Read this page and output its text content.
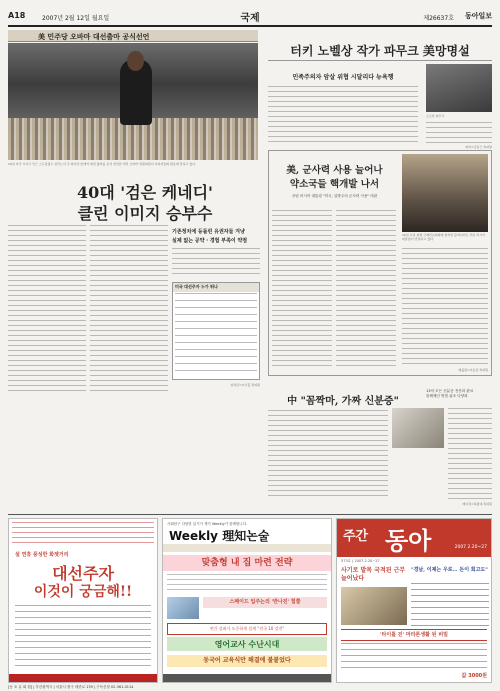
A18	2007년 2월 12일 월요일	국제	제26637호 동아일보
美 민주당 오바마 대선출마 공식선언
10일 미국 시카고 인근 스프링필드 일리노이 주 의사당 앞에서 대선 출마를 공식 선언한 버락 오바마 상원의원이 지지자들의 환호에 답하고 있다.
40대 '검은 케네디'
클린 이미지 승부수
기존정치에 등돌린 유권자들 겨냥
실제 없는 공약 · 경험 부족이 약점
미국 대선주자 누가 뛰나
워싱턴=이기홍 특파원
터키 노벨상 작가 파무크 美망명설
민족주의자 암살 위협 시달리다 뉴욕행
오르한 파무크
파리=금동근 특파원
美, 군사력 사용 늘어나
약소국들 핵개발 나서
푸틴 러시아 대통령 "미국, 일방주의 군사력 사용" 비판
10일 독일 뮌헨 국제안보회의에 참석한 블라디미르 푸틴 러시아 대통령이 연설하고 있다.
베를린=이호갑 특파원
中 "꼼짝마, 가짜 신분증"
13억 모든 신분증 전산화 완료
블랙체인 방법 위조 다양화
베이징=하종대 특파원
설 연휴 풍성한 화젯거리
대선주자
이것이 궁금해!!
사회탐구 다양한 읽기가 책가 Weekly가 함께합니다.
Weekly 理知논술
맞춤형 내 집 마련 전략
스페이드 입주는의 '반나진' 힘쭐
연간 강좌가 도중하게 설계 "전국 10 강전"
영어교사 수난시대
동국어 교육식만 해결에 불붙었다
주간 동아	2007 2.20~27
573호 | 2007.2.20~27
사기로 발목 국적된 근무 늘어났다
"경남, 이제는 우로… 돈이 회고도"
'타이틀 진' 마라톤생활 된 비밀
값 3000원
[동 포 유 회 원] | 부산광역시 | 서울시 중구 세종로 139 | 구독신청 02-361-0114
